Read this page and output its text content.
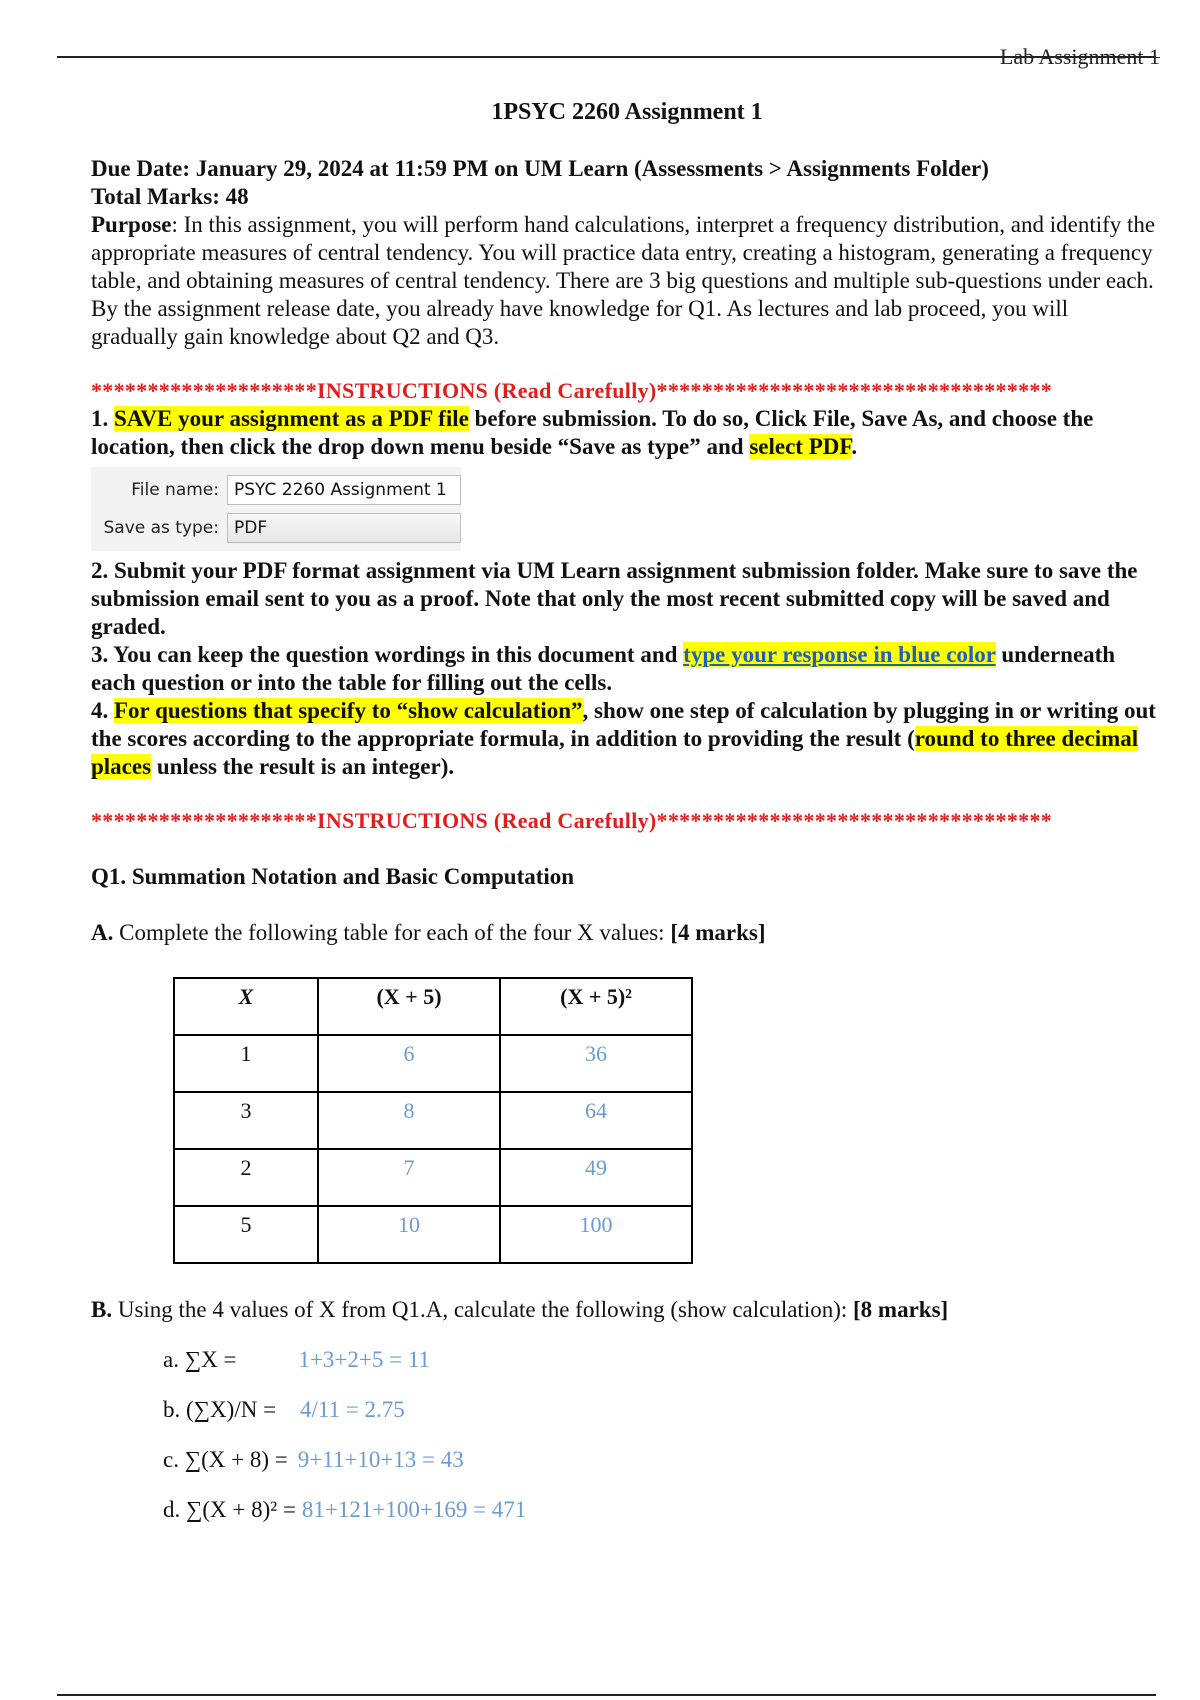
Lab Assignment 1
1PSYC 2260 Assignment 1
Due Date: January 29, 2024 at 11:59 PM on UM Learn (Assessments > Assignments Folder)
Total Marks: 48
Purpose: In this assignment, you will perform hand calculations, interpret a frequency distribution, and identify the appropriate measures of central tendency. You will practice data entry, creating a histogram, generating a frequency table, and obtaining measures of central tendency. There are 3 big questions and multiple sub-questions under each. By the assignment release date, you already have knowledge for Q1. As lectures and lab proceed, you will gradually gain knowledge about Q2 and Q3.
********************INSTRUCTIONS (Read Carefully)***********************************
1. SAVE your assignment as a PDF file before submission. To do so, Click File, Save As, and choose the location, then click the drop down menu beside “Save as type” and select PDF.
File name: PSYC 2260 Assignment 1
Save as type: PDF
2. Submit your PDF format assignment via UM Learn assignment submission folder. Make sure to save the submission email sent to you as a proof. Note that only the most recent submitted copy will be saved and graded.
3. You can keep the question wordings in this document and type your response in blue color underneath each question or into the table for filling out the cells.
4. For questions that specify to “show calculation”, show one step of calculation by plugging in or writing out the scores according to the appropriate formula, in addition to providing the result (round to three decimal places unless the result is an integer).
********************INSTRUCTIONS (Read Carefully)***********************************
Q1. Summation Notation and Basic Computation
A. Complete the following table for each of the four X values: [4 marks]
X	(X + 5)	(X + 5)²
1	6	36
3	8	64
2	7	49
5	10	100
B. Using the 4 values of X from Q1.A, calculate the following (show calculation): [8 marks]
a. ∑X =	1+3+2+5 = 11
b. (∑X)/N = 4/11 = 2.75
c. ∑(X + 8) = 9+11+10+13 = 43
d. ∑(X + 8)² = 81+121+100+169 = 471
